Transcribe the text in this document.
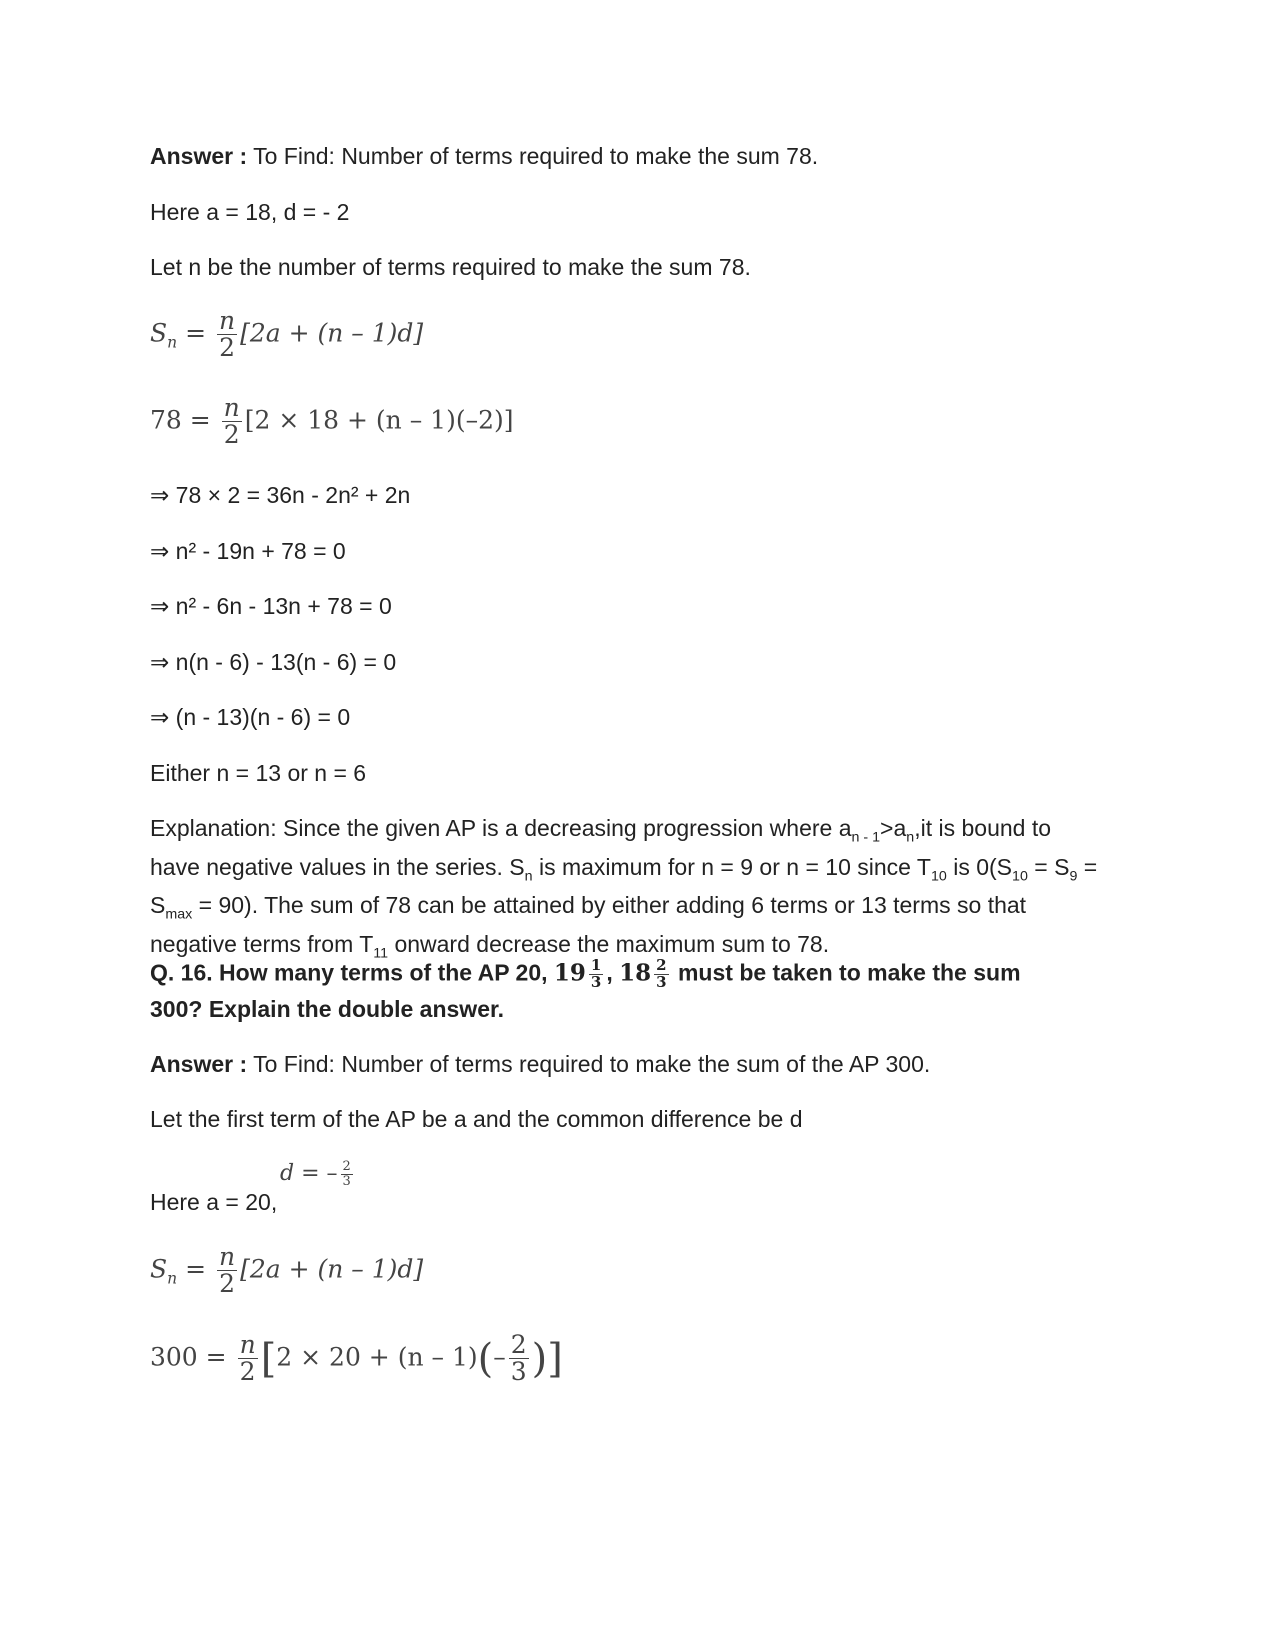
Answer : To Find: Number of terms required to make the sum 78.
Here a = 18, d = - 2
Let n be the number of terms required to make the sum 78.
$S_n = \frac{n}{2} [2a + (n - 1)d]$
$78 = \frac{n}{2} [2 \times 18 + (n - 1)(-2)]$
⇒ 78 × 2 = 36n - 2n² + 2n
⇒ n² - 19n + 78 = 0
⇒ n² - 6n - 13n + 78 = 0
⇒ n(n - 6) - 13(n - 6) = 0
⇒ (n - 13)(n - 6) = 0
Either n = 13 or n = 6
Explanation: Since the given AP is a decreasing progression where $a_{n - 1}>a_n,it$ is bound to have negative values in the series. $S_n$ is maximum for n = 9 or n = 10 since $T_{10}$ is $0(S_{10} = S_9 = S_{max} = 90)$. The sum of 78 can be attained by either adding 6 terms or 13 terms so that negative terms from $T_{11}$ onward decrease the maximum sum to 78.
Q. 16. How many terms of the AP 20, $19 \frac{1}{3}$ , $18 \frac{2}{3}$ must be taken to make the sum
300? Explain the double answer.
Answer : To Find: Number of terms required to make the sum of the AP 300.
Let the first term of the AP be a and the common difference be d
Here a = 20,
d = – $\frac{2}{3}$
$S_n = \frac{n}{2} [2a + (n - 1)d]$
$300 = \frac{n}{2} [2 \times 20 + (n - 1)(- \frac{2}{3}$ )]
